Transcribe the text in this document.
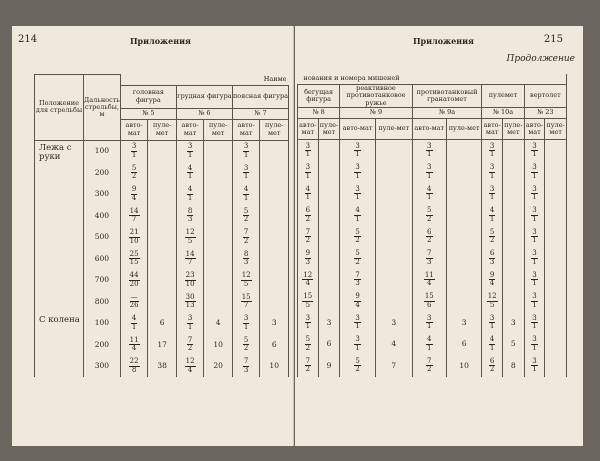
214	Приложения
Положение для стрельбы	Дальность стрельбы, м	Наиме					
		головная фигура		грудная фигура		поясная фигура	
		№ 5		№ 6		№ 7	
		авто-мат	пуле-мет	авто-мат	пуле-мет	авто-мат	пуле-мет
Лежа с руки	100	$\frac{3}{1}$		$\frac{3}{1}$		$\frac{3}{1}$

	200	$\frac{5}{2}$		$\frac{4}{1}$		$\frac{3}{1}$

	300	$\frac{9}{4}$		$\frac{4}{1}$		$\frac{4}{1}$

	400	$\frac{14}{7}$		$\frac{8}{3}$		$\frac{5}{2}$

	500	$\frac{21}{10}$		$\frac{12}{5}$		$\frac{7}{2}$

	600	$\frac{25}{15}$		$\frac{14}{7}$		$\frac{8}{3}$

	700	$\frac{44}{20}$		$\frac{23}{10}$		$\frac{12}{5}$

	800	$\frac{—}{26}$		$\frac{30}{13}$		$\frac{15}{7}$

С колена	100	$\frac{4}{1}$	6	$\frac{3}{1}$	4	$\frac{3}{1}$	3
	200	$\frac{11}{4}$	17	$\frac{7}{2}$	10	$\frac{5}{2}$	6
	300	$\frac{22}{8}$	38	$\frac{12}{4}$	20	$\frac{7}{3}$	10
Приложения	215
Продолжение
нования и номера мишеней									
бегущая фигура		реактивное противотанковое ружье		противотанковый гранатомет		пулемет		вертолет	
№ 8		№ 9		№ 9а		№ 10а		№ 23	
авто-мат	пуле-мет	авто-мат	пуле-мет	авто-мат	пуле-мет	авто-мат	пуле-мет	авто-мат	пуле-мет

$\frac{3}{1}$		$\frac{3}{1}$		$\frac{3}{1}$		$\frac{3}{1}$		$\frac{3}{1}$

$\frac{3}{1}$		$\frac{3}{1}$		$\frac{3}{1}$		$\frac{3}{1}$		$\frac{3}{1}$

$\frac{4}{1}$		$\frac{3}{1}$		$\frac{4}{1}$		$\frac{3}{1}$		$\frac{3}{1}$

$\frac{6}{2}$		$\frac{4}{1}$		$\frac{5}{2}$		$\frac{4}{1}$		$\frac{3}{1}$

$\frac{7}{2}$		$\frac{5}{2}$		$\frac{6}{2}$		$\frac{5}{2}$		$\frac{3}{1}$

$\frac{9}{3}$		$\frac{5}{2}$		$\frac{7}{3}$		$\frac{6}{3}$		$\frac{3}{1}$

$\frac{12}{4}$		$\frac{7}{3}$		$\frac{11}{4}$		$\frac{9}{4}$		$\frac{3}{1}$

$\frac{15}{5}$		$\frac{9}{4}$		$\frac{15}{6}$		$\frac{12}{5}$		$\frac{3}{1}$

$\frac{3}{1}$	3	$\frac{3}{1}$	3	$\frac{3}{1}$	3	$\frac{3}{1}$	3	$\frac{3}{1}$

$\frac{5}{2}$	6	$\frac{3}{1}$	4	$\frac{4}{1}$	6	$\frac{4}{1}$	5	$\frac{3}{1}$

$\frac{7}{2}$	9	$\frac{5}{2}$	7	$\frac{7}{2}$	10	$\frac{6}{2}$	8	$\frac{3}{1}$
